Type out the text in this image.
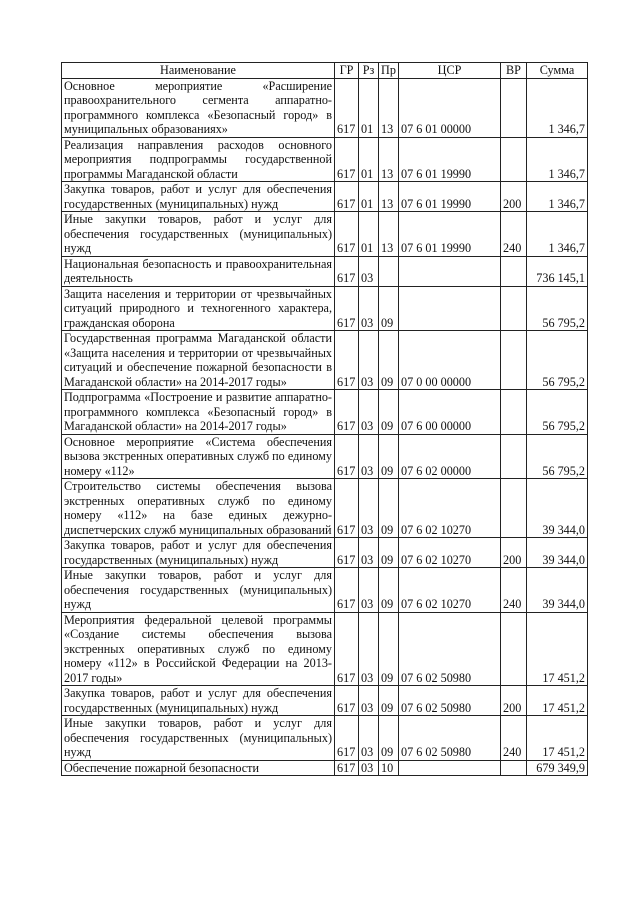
Наименование	ГР	Рз	Пр	ЦСР	ВР	Сумма
Основное мероприятие «Расширение правоохранительного сегмента аппаратно-программного комплекса «Безопасный город» в муниципальных образованиях»	617	01	13	07 6 01 00000		1 346,7
Реализация направления расходов основного мероприятия подпрограммы государственной программы Магаданской области	617	01	13	07 6 01 19990		1 346,7
Закупка товаров, работ и услуг для обеспечения государственных (муниципальных) нужд	617	01	13	07 6 01 19990	200	1 346,7
Иные закупки товаров, работ и услуг для обеспечения государственных (муниципальных) нужд	617	01	13	07 6 01 19990	240	1 346,7
Национальная безопасность и правоохранительная деятельность	617	03				736 145,1
Защита населения и территории от чрезвычайных ситуаций природного и техногенного характера, гражданская оборона	617	03	09			56 795,2
Государственная программа Магаданской области «Защита населения и территории от чрезвычайных ситуаций и обеспечение пожарной безопасности в Магаданской области» на 2014-2017 годы»	617	03	09	07 0 00 00000		56 795,2
Подпрограмма «Построение и развитие аппаратно-программного комплекса «Безопасный город» в Магаданской области» на 2014-2017 годы»	617	03	09	07 6 00 00000		56 795,2
Основное мероприятие «Система обеспечения вызова экстренных оперативных служб по единому номеру «112»	617	03	09	07 6 02 00000		56 795,2
Строительство системы обеспечения вызова экстренных оперативных служб по единому номеру «112» на базе единых дежурно-диспетчерских служб муниципальных образований	617	03	09	07 6 02 10270		39 344,0
Закупка товаров, работ и услуг для обеспечения государственных (муниципальных) нужд	617	03	09	07 6 02 10270	200	39 344,0
Иные закупки товаров, работ и услуг для обеспечения государственных (муниципальных) нужд	617	03	09	07 6 02 10270	240	39 344,0
Мероприятия федеральной целевой программы «Создание системы обеспечения вызова экстренных оперативных служб по единому номеру «112» в Российской Федерации на 2013-2017 годы»	617	03	09	07 6 02 50980		17 451,2
Закупка товаров, работ и услуг для обеспечения государственных (муниципальных) нужд	617	03	09	07 6 02 50980	200	17 451,2
Иные закупки товаров, работ и услуг для обеспечения государственных (муниципальных) нужд	617	03	09	07 6 02 50980	240	17 451,2
Обеспечение пожарной безопасности	617	03	10			679 349,9
